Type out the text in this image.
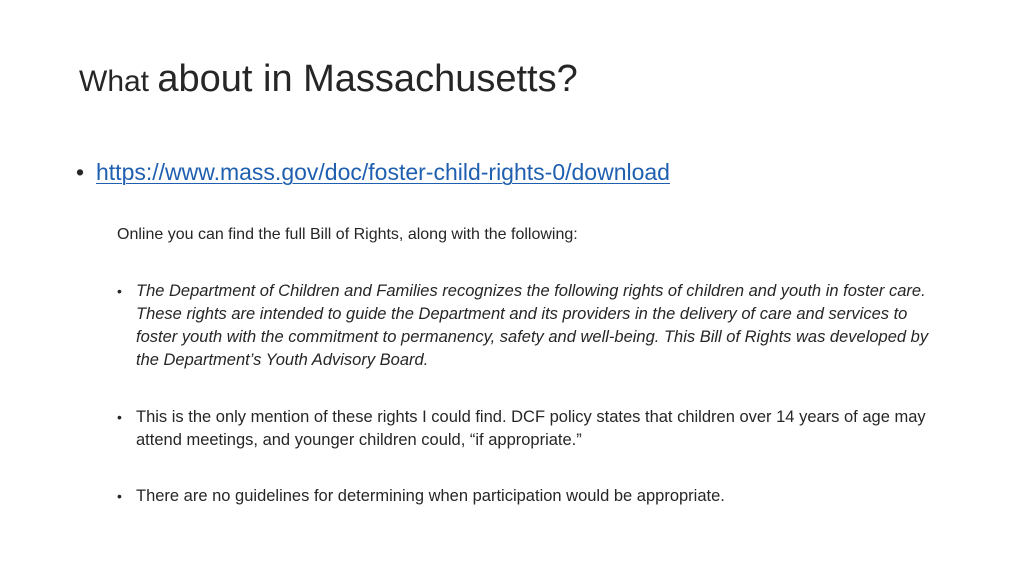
What about in Massachusetts?
• https://www.mass.gov/doc/foster-child-rights-0/download
Online you can find the full Bill of Rights, along with the following:
• The Department of Children and Families recognizes the following rights of children and youth in foster care. These rights are intended to guide the Department and its providers in the delivery of care and services to foster youth with the commitment to permanency, safety and well-being. This Bill of Rights was developed by the Department’s Youth Advisory Board.
• This is the only mention of these rights I could find. DCF policy states that children over 14 years of age may attend meetings, and younger children could, “if appropriate.”
• There are no guidelines for determining when participation would be appropriate.
